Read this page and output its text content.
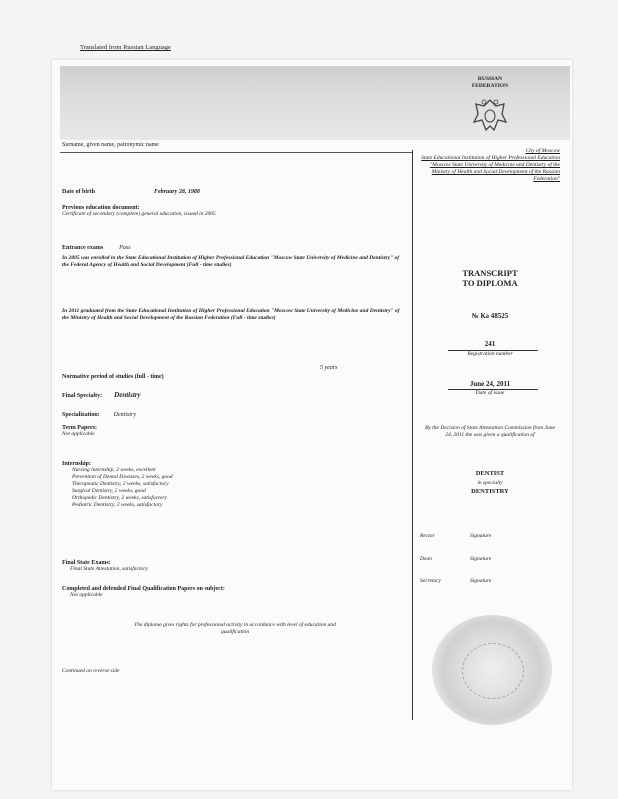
Translated from Russian Language
RUSSIAN
FEDERATION
Surname, given name, patronymic name
Date of birth	February 28, 1988
Previous education document:
Certificate of secondary (complete) general education, issued in 2005
Entrance exams	Pass
In 2005 was enrolled in the State Educational Institution of Higher Professional Education "Moscow State University of Medicine and Dentistry" of the Federal Agency of Health and Social Development (Full - time studies)
In 2011 graduated from the State Educational Institution of Higher Professional Education "Moscow State University of Medicine and Dentistry" of the Ministry of Health and Social Development of the Russian Federation (Full - time studies)
Normative period of studies (full - time)
5 years
Final Specialty: Dentistry
Specialization: Dentistry
Term Papers:
Not applicable
Internship:
Nursing internship, 2 weeks, excellent
Prevention of Dental Diseases, 2 weeks, good
Therapeutic Dentistry, 2 weeks, satisfactory
Surgical Dentistry, 2 weeks, good
Orthopedic Dentistry, 2 weeks, satisfactory
Pediatric Dentistry, 2 weeks, satisfactory
Final State Exams:
Final State Attestation, satisfactory
Completed and defended Final Qualification Papers on subject:
Not applicable
The diploma gives rights for professional activity in accordance with level of education and qualification
Continued on reverse side
City of Moscow
State Educational Institution of Higher Professional Education "Moscow State University of Medicine and Dentistry of the Ministry of Health and Social Development of the Russian Federation"
TRANSCRIPT
TO DIPLOMA
№ Ка 48525
241
Registration number
June 24, 2011
Date of issue
By the Decision of State Attestation Commission from June 24, 2011 the was given a qualification of
DENTIST
in specialty
DENTISTRY
Rector	Signature
Dean	Signature
Secretary	Signature
